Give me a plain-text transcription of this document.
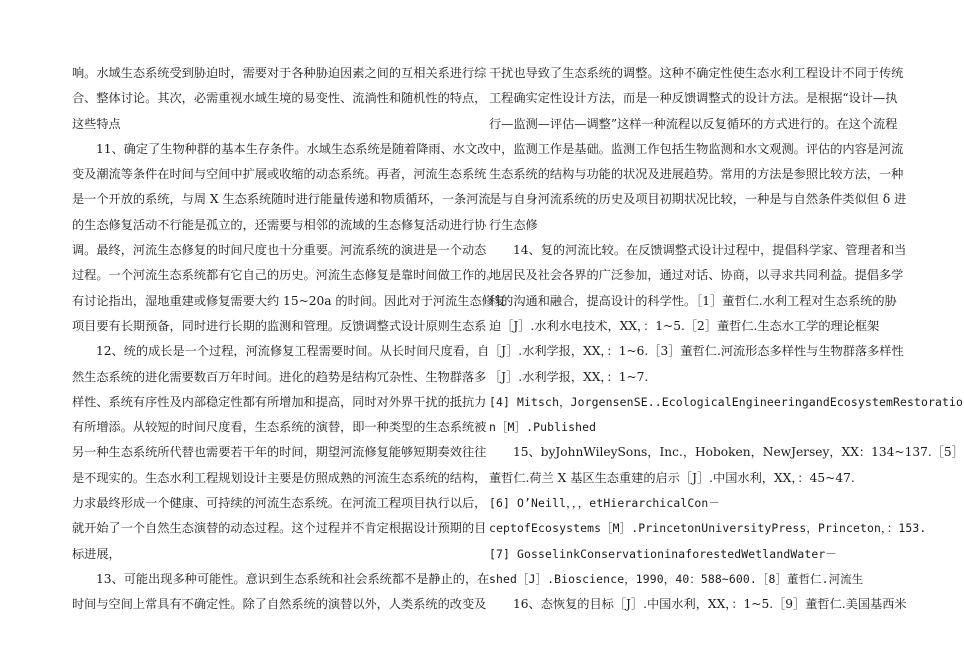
响。水域生态系统受到胁迫时，需要对于各种胁迫因素之间的互相关系进行综
合、整体讨论。其次，必需重视水域生境的易变性、流淌性和随机性的特点，
这些特点
11、确定了生物种群的基本生存条件。水域生态系统是随着降雨、水文改
变及潮流等条件在时间与空间中扩展或收缩的动态系统。再者，河流生态系统
是一个开放的系统，与周 X 生态系统随时进行能量传递和物质循环，一条河流
的生态修复活动不行能是孤立的，还需要与相邻的流域的生态修复活动进行协
调。最终，河流生态修复的时间尺度也十分重要。河流系统的演进是一个动态
过程。一个河流生态系统都有它自己的历史。河流生态修复是靠时间做工作的。
有讨论指出，湿地重建或修复需要大约 15~20a 的时间。因此对于河流生态修复
项目要有长期预备，同时进行长期的监测和管理。反馈调整式设计原则生态系
12、统的成长是一个过程，河流修复工程需要时间。从长时间尺度看，自
然生态系统的进化需要数百万年时间。进化的趋势是结构冗杂性、生物群落多
样性、系统有序性及内部稳定性都有所增加和提高，同时对外界干扰的抵抗力
有所增添。从较短的时间尺度看，生态系统的演替，即一种类型的生态系统被
另一种生态系统所代替也需要若干年的时间，期望河流修复能够短期奏效往往
是不现实的。生态水利工程规划设计主要是仿照成熟的河流生态系统的结构，
力求最终形成一个健康、可持续的河流生态系统。在河流工程项目执行以后，
就开始了一个自然生态演替的动态过程。这个过程并不肯定根据设计预期的目
标进展，
13、可能出现多种可能性。意识到生态系统和社会系统都不是静止的，在
时间与空间上常具有不确定性。除了自然系统的演替以外，人类系统的改变及
干扰也导致了生态系统的调整。这种不确定性使生态水利工程设计不同于传统
工程确实定性设计方法，而是一种反馈调整式的设计方法。是根据“设计—执
行—监测—评估—调整”这样一种流程以反复循环的方式进行的。在这个流程
中，监测工作是基础。监测工作包括生物监测和水文观测。评估的内容是河流
生态系统的结构与功能的状况及进展趋势。常用的方法是参照比较方法，一种
是与自身河流系统的历史及项目初期状况比较，一种是与自然条件类似但 δ 进
行生态修
14、复的河流比较。在反馈调整式设计过程中，提倡科学家、管理者和当
地居民及社会各界的广泛参加，通过对话、协商，以寻求共同利益。提倡多学
科的沟通和融合，提高设计的科学性。［1］董哲仁.水利工程对生态系统的胁
迫［J］.水利水电技术，XX，：1~5.［2］董哲仁.生态水工学的理论框架
［J］.水利学报，XX，：1~6.［3］董哲仁.河流形态多样性与生物群落多样性
［J］.水利学报，XX，：1~7.
[4] Mitsch，JorgensenSE..EcologicalEngineeringandEcosystemRestoratio
n［M］.Published
15、byJohnWileySons，Inc.，Hoboken，NewJersey，XX：134~137.［5］
董哲仁.荷兰 X 基区生态重建的启示［J］.中国水利，XX，：45~47.
[6] O’Neill，，，etHierarchicalCon－
ceptofEcosystems［M］.PrincetonUniversityPress，Princeton，：153.
[7] GosselinkConservationinaforestedWetlandWater－
shed［J］.Bioscience，1990，40：588~600.［8］董哲仁.河流生
16、态恢复的目标［J］.中国水利，XX，：1~5.［9］董哲仁.美国基西米
